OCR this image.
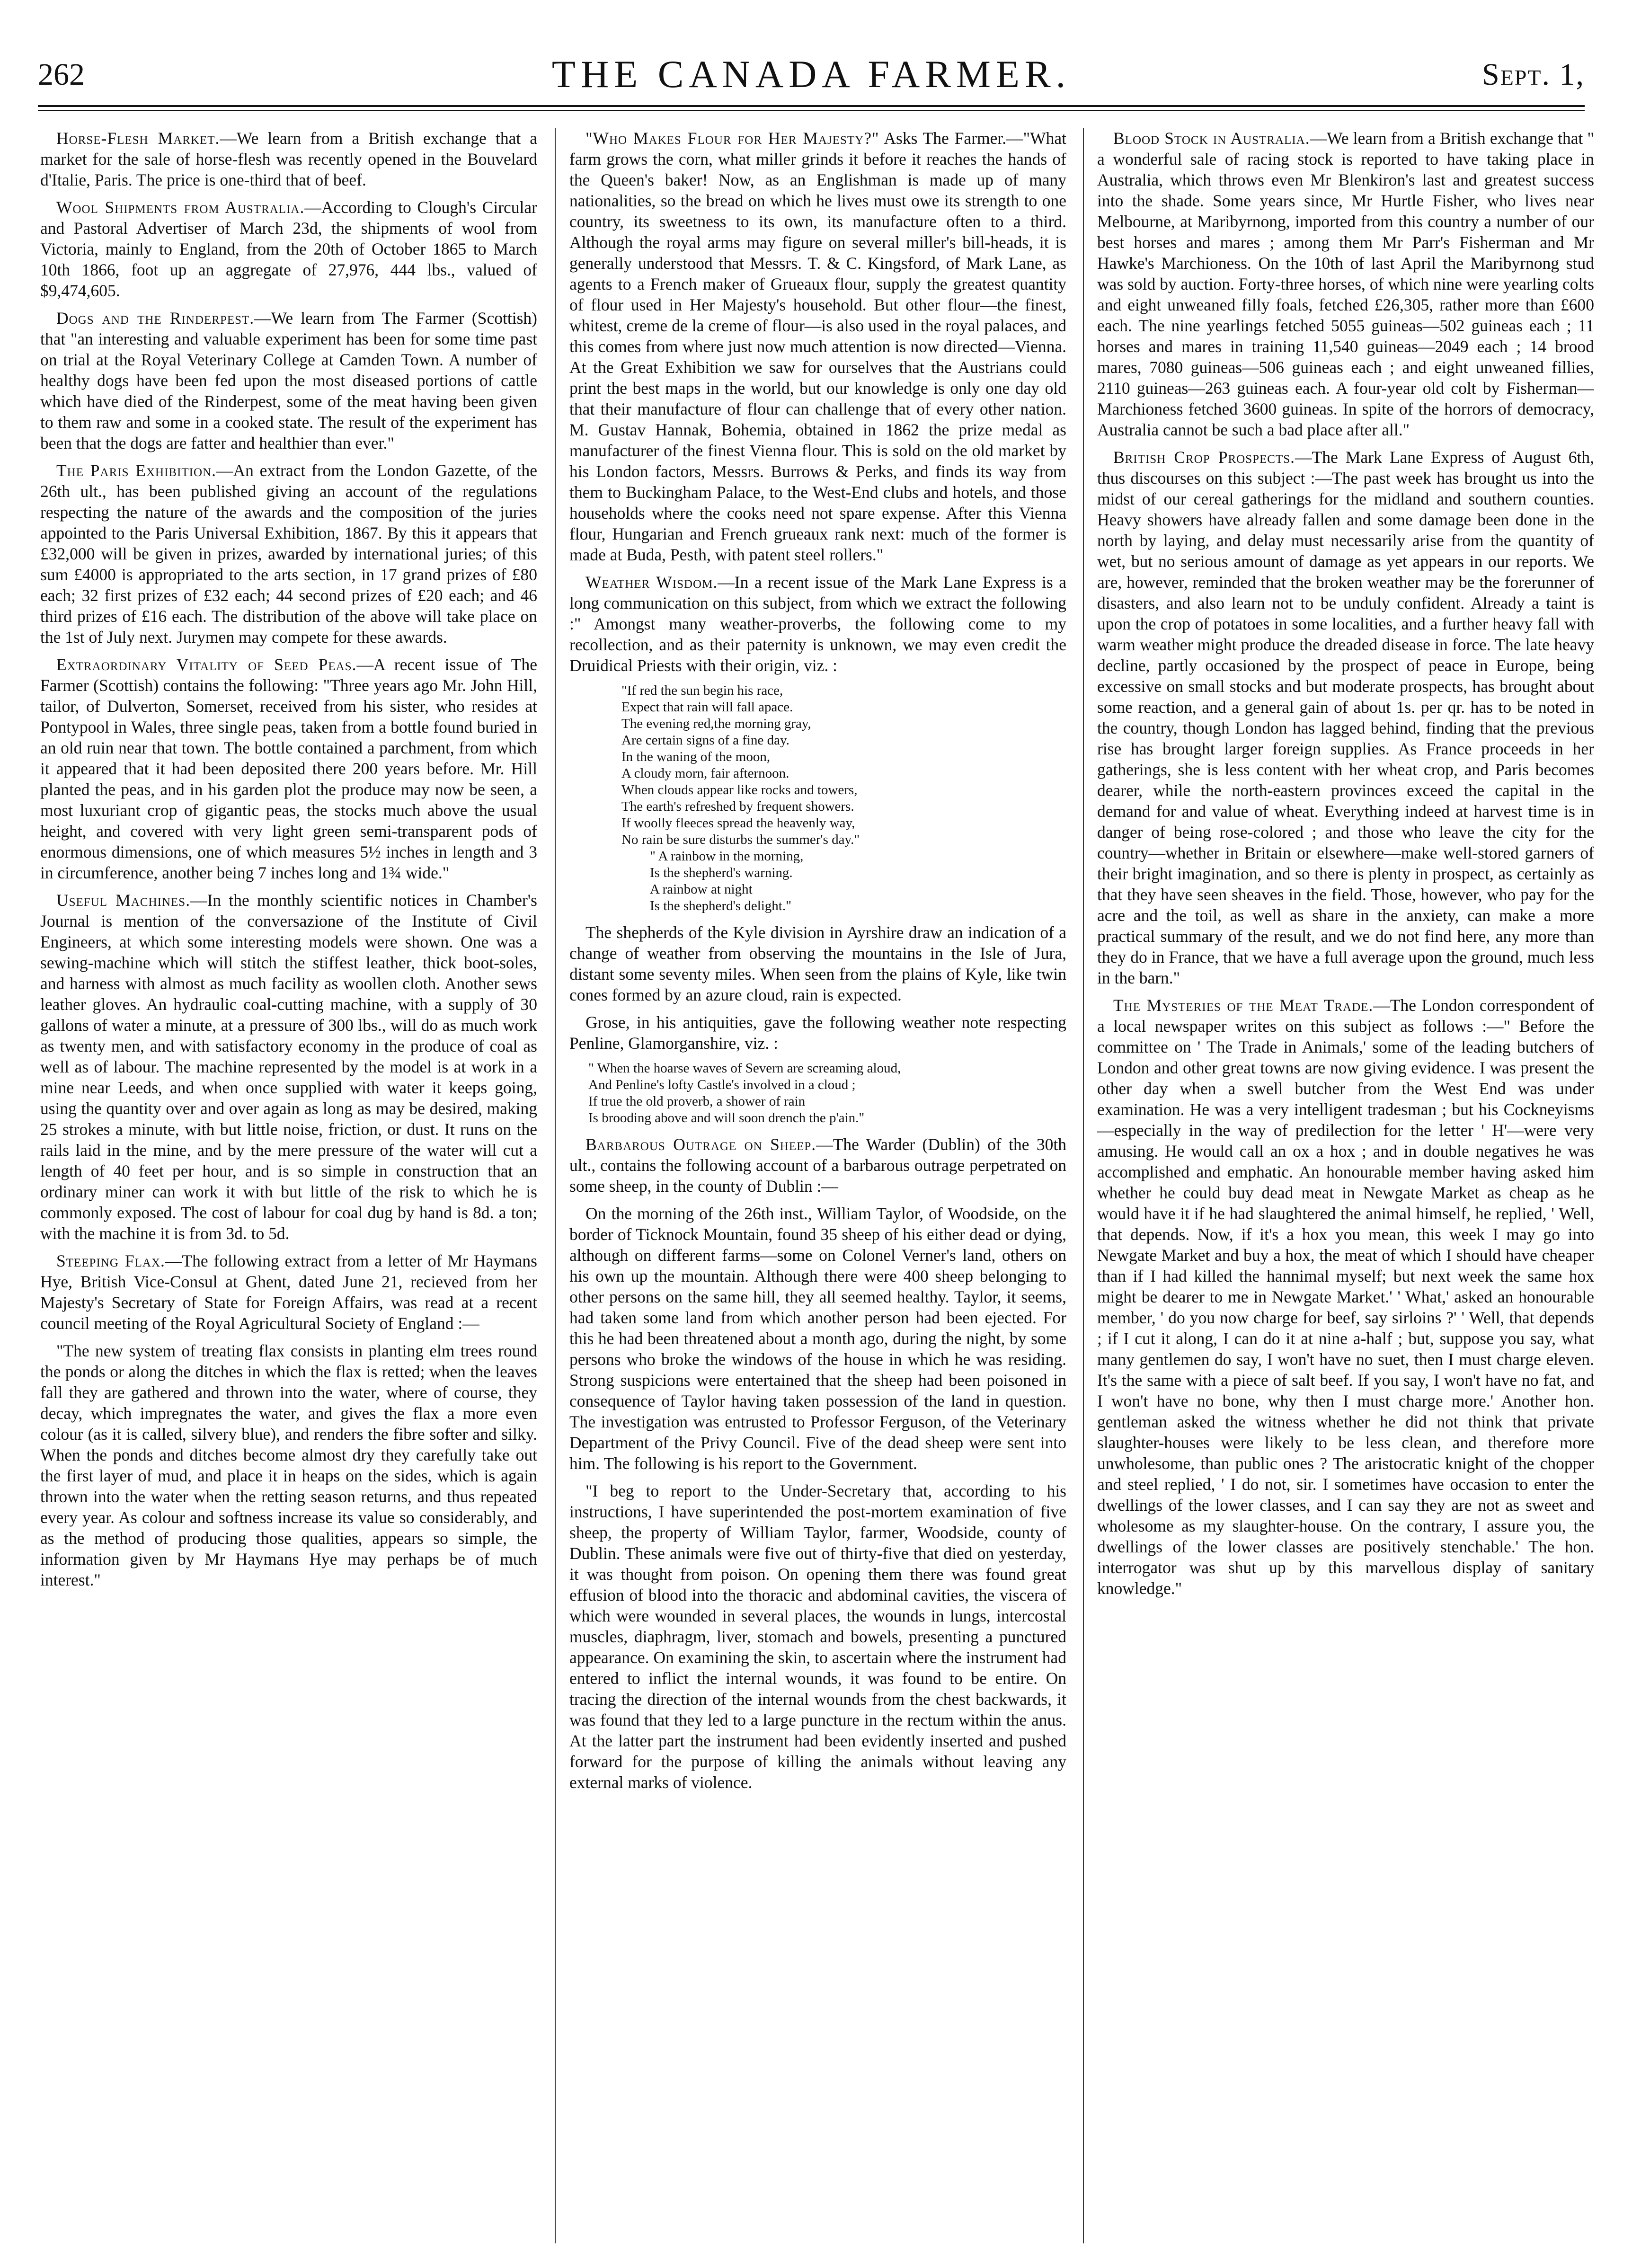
262	THE CANADA FARMER.	Sept. 1,

Horse-Flesh Market.—We learn from a British exchange that a market for the sale of horse-flesh was recently opened in the Bouvelard d'Italie, Paris. The price is one-third that of beef.

Wool Shipments from Australia.—According to Clough's Circular and Pastoral Advertiser of March 23d, the shipments of wool from Victoria, mainly to England, from the 20th of October 1865 to March 10th 1866, foot up an aggregate of 27,976, 444 lbs., valued of $9,474,605.

Dogs and the Rinderpest.—We learn from The Farmer (Scottish) that "an interesting and valuable experiment has been for some time past on trial at the Royal Veterinary College at Camden Town. A number of healthy dogs have been fed upon the most diseased portions of cattle which have died of the Rinderpest, some of the meat having been given to them raw and some in a cooked state. The result of the experiment has been that the dogs are fatter and healthier than ever."

The Paris Exhibition.—An extract from the London Gazette, of the 26th ult., has been published giving an account of the regulations respecting the nature of the awards and the composition of the juries appointed to the Paris Universal Exhibition, 1867. By this it appears that £32,000 will be given in prizes, awarded by international juries; of this sum £4000 is appropriated to the arts section, in 17 grand prizes of £80 each; 32 first prizes of £32 each; 44 second prizes of £20 each; and 46 third prizes of £16 each. The distribution of the above will take place on the 1st of July next. Jurymen may compete for these awards.

Extraordinary Vitality of Seed Peas.—A recent issue of The Farmer (Scottish) contains the following: "Three years ago Mr. John Hill, tailor, of Dulverton, Somerset, received from his sister, who resides at Pontypool in Wales, three single peas, taken from a bottle found buried in an old ruin near that town. The bottle contained a parchment, from which it appeared that it had been deposited there 200 years before. Mr. Hill planted the peas, and in his garden plot the produce may now be seen, a most luxuriant crop of gigantic peas, the stocks much above the usual height, and covered with very light green semi-transparent pods of enormous dimensions, one of which measures 5½ inches in length and 3 in circumference, another being 7 inches long and 1¾ wide."

Useful Machines.—In the monthly scientific notices in Chamber's Journal is mention of the conversazione of the Institute of Civil Engineers, at which some interesting models were shown. One was a sewing-machine which will stitch the stiffest leather, thick boot-soles, and harness with almost as much facility as woollen cloth. Another sews leather gloves. An hydraulic coal-cutting machine, with a supply of 30 gallons of water a minute, at a pressure of 300 lbs., will do as much work as twenty men, and with satisfactory economy in the produce of coal as well as of labour. The machine represented by the model is at work in a mine near Leeds, and when once supplied with water it keeps going, using the quantity over and over again as long as may be desired, making 25 strokes a minute, with but little noise, friction, or dust. It runs on the rails laid in the mine, and by the mere pressure of the water will cut a length of 40 feet per hour, and is so simple in construction that an ordinary miner can work it with but little of the risk to which he is commonly exposed. The cost of labour for coal dug by hand is 8d. a ton; with the machine it is from 3d. to 5d.

Steeping Flax.—The following extract from a letter of Mr Haymans Hye, British Vice-Consul at Ghent, dated June 21, recieved from her Majesty's Secretary of State for Foreign Affairs, was read at a recent council meeting of the Royal Agricultural Society of England :—

"The new system of treating flax consists in planting elm trees round the ponds or along the ditches in which the flax is retted; when the leaves fall they are gathered and thrown into the water, where of course, they decay, which impregnates the water, and gives the flax a more even colour (as it is called, silvery blue), and renders the fibre softer and silky. When the ponds and ditches become almost dry they carefully take out the first layer of mud, and place it in heaps on the sides, which is again thrown into the water when the retting season returns, and thus repeated every year. As colour and softness increase its value so considerably, and as the method of producing those qualities, appears so simple, the information given by Mr Haymans Hye may perhaps be of much interest."

"Who Makes Flour for Her Majesty?" Asks The Farmer.—"What farm grows the corn, what miller grinds it before it reaches the hands of the Queen's baker! Now, as an Englishman is made up of many nationalities, so the bread on which he lives must owe its strength to one country, its sweetness to its own, its manufacture often to a third. Although the royal arms may figure on several miller's bill-heads, it is generally understood that Messrs. T. & C. Kingsford, of Mark Lane, as agents to a French maker of Grueaux flour, supply the greatest quantity of flour used in Her Majesty's household. But other flour—the finest, whitest, creme de la creme of flour—is also used in the royal palaces, and this comes from where just now much attention is now directed—Vienna. At the Great Exhibition we saw for ourselves that the Austrians could print the best maps in the world, but our knowledge is only one day old that their manufacture of flour can challenge that of every other nation. M. Gustav Hannak, Bohemia, obtained in 1862 the prize medal as manufacturer of the finest Vienna flour. This is sold on the old market by his London factors, Messrs. Burrows & Perks, and finds its way from them to Buckingham Palace, to the West-End clubs and hotels, and those households where the cooks need not spare expense. After this Vienna flour, Hungarian and French grueaux rank next: much of the former is made at Buda, Pesth, with patent steel rollers."

Weather Wisdom.—In a recent issue of the Mark Lane Express is a long communication on this subject, from which we extract the following :" Amongst many weather-proverbs, the following come to my recollection, and as their paternity is unknown, we may even credit the Druidical Priests with their origin, viz. :

"If red the sun begin his race,
Expect that rain will fall apace.
The evening red,the morning gray,
Are certain signs of a fine day.
In the waning of the moon,
A cloudy morn, fair afternoon.
When clouds appear like rocks and towers,
The earth's refreshed by frequent showers.
If woolly fleeces spread the heavenly way,
No rain be sure disturbs the summer's day."
" A rainbow in the morning,
Is the shepherd's warning.
A rainbow at night
Is the shepherd's delight."

The shepherds of the Kyle division in Ayrshire draw an indication of a change of weather from observing the mountains in the Isle of Jura, distant some seventy miles. When seen from the plains of Kyle, like twin cones formed by an azure cloud, rain is expected.

Grose, in his antiquities, gave the following weather note respecting Penline, Glamorganshire, viz. :

" When the hoarse waves of Severn are screaming aloud,
And Penline's lofty Castle's involved in a cloud ;
If true the old proverb, a shower of rain
Is brooding above and will soon drench the p'ain."

Barbarous Outrage on Sheep.—The Warder (Dublin) of the 30th ult., contains the following account of a barbarous outrage perpetrated on some sheep, in the county of Dublin :—

On the morning of the 26th inst., William Taylor, of Woodside, on the border of Ticknock Mountain, found 35 sheep of his either dead or dying, although on different farms—some on Colonel Verner's land, others on his own up the mountain. Although there were 400 sheep belonging to other persons on the same hill, they all seemed healthy. Taylor, it seems, had taken some land from which another person had been ejected. For this he had been threatened about a month ago, during the night, by some persons who broke the windows of the house in which he was residing. Strong suspicions were entertained that the sheep had been poisoned in consequence of Taylor having taken possession of the land in question. The investigation was entrusted to Professor Ferguson, of the Veterinary Department of the Privy Council. Five of the dead sheep were sent into him. The following is his report to the Government.

"I beg to report to the Under-Secretary that, according to his instructions, I have superintended the post-mortem examination of five sheep, the property of William Taylor, farmer, Woodside, county of Dublin. These animals were five out of thirty-five that died on yesterday, it was thought from poison. On opening them there was found great effusion of blood into the thoracic and abdominal cavities, the viscera of which were wounded in several places, the wounds in lungs, intercostal muscles, diaphragm, liver, stomach and bowels, presenting a punctured appearance. On examining the skin, to ascertain where the instrument had entered to inflict the internal wounds, it was found to be entire. On tracing the direction of the internal wounds from the chest backwards, it was found that they led to a large puncture in the rectum within the anus. At the latter part the instrument had been evidently inserted and pushed forward for the purpose of killing the animals without leaving any external marks of violence.

Blood Stock in Australia.—We learn from a British exchange that " a wonderful sale of racing stock is reported to have taking place in Australia, which throws even Mr Blenkiron's last and greatest success into the shade. Some years since, Mr Hurtle Fisher, who lives near Melbourne, at Maribyrnong, imported from this country a number of our best horses and mares ; among them Mr Parr's Fisherman and Mr Hawke's Marchioness. On the 10th of last April the Maribyrnong stud was sold by auction. Forty-three horses, of which nine were yearling colts and eight unweaned filly foals, fetched £26,305, rather more than £600 each. The nine yearlings fetched 5055 guineas—502 guineas each ; 11 horses and mares in training 11,540 guineas—2049 each ; 14 brood mares, 7080 guineas—506 guineas each ; and eight unweaned fillies, 2110 guineas—263 guineas each. A four-year old colt by Fisherman—Marchioness fetched 3600 guineas. In spite of the horrors of democracy, Australia cannot be such a bad place after all."

British Crop Prospects.—The Mark Lane Express of August 6th, thus discourses on this subject :—The past week has brought us into the midst of our cereal gatherings for the midland and southern counties. Heavy showers have already fallen and some damage been done in the north by laying, and delay must necessarily arise from the quantity of wet, but no serious amount of damage as yet appears in our reports. We are, however, reminded that the broken weather may be the forerunner of disasters, and also learn not to be unduly confident. Already a taint is upon the crop of potatoes in some localities, and a further heavy fall with warm weather might produce the dreaded disease in force. The late heavy decline, partly occasioned by the prospect of peace in Europe, being excessive on small stocks and but moderate prospects, has brought about some reaction, and a general gain of about 1s. per qr. has to be noted in the country, though London has lagged behind, finding that the previous rise has brought larger foreign supplies. As France proceeds in her gatherings, she is less content with her wheat crop, and Paris becomes dearer, while the north-eastern provinces exceed the capital in the demand for and value of wheat. Everything indeed at harvest time is in danger of being rose-colored ; and those who leave the city for the country—whether in Britain or elsewhere—make well-stored garners of their bright imagination, and so there is plenty in prospect, as certainly as that they have seen sheaves in the field. Those, however, who pay for the acre and the toil, as well as share in the anxiety, can make a more practical summary of the result, and we do not find here, any more than they do in France, that we have a full average upon the ground, much less in the barn."

The Mysteries of the Meat Trade.—The London correspondent of a local newspaper writes on this subject as follows :—" Before the committee on ' The Trade in Animals,' some of the leading butchers of London and other great towns are now giving evidence. I was present the other day when a swell butcher from the West End was under examination. He was a very intelligent tradesman ; but his Cockneyisms—especially in the way of predilection for the letter ' H'—were very amusing. He would call an ox a hox ; and in double negatives he was accomplished and emphatic. An honourable member having asked him whether he could buy dead meat in Newgate Market as cheap as he would have it if he had slaughtered the animal himself, he replied, ' Well, that depends. Now, if it's a hox you mean, this week I may go into Newgate Market and buy a hox, the meat of which I should have cheaper than if I had killed the hannimal myself; but next week the same hox might be dearer to me in Newgate Market.' ' What,' asked an honourable member, ' do you now charge for beef, say sirloins ?' ' Well, that depends ; if I cut it along, I can do it at nine a-half ; but, suppose you say, what many gentlemen do say, I won't have no suet, then I must charge eleven. It's the same with a piece of salt beef. If you say, I won't have no fat, and I won't have no bone, why then I must charge more.' Another hon. gentleman asked the witness whether he did not think that private slaughter-houses were likely to be less clean, and therefore more unwholesome, than public ones ? The aristocratic knight of the chopper and steel replied, ' I do not, sir. I sometimes have occasion to enter the dwellings of the lower classes, and I can say they are not as sweet and wholesome as my slaughter-house. On the contrary, I assure you, the dwellings of the lower classes are positively stenchable.' The hon. interrogator was shut up by this marvellous display of sanitary knowledge."
